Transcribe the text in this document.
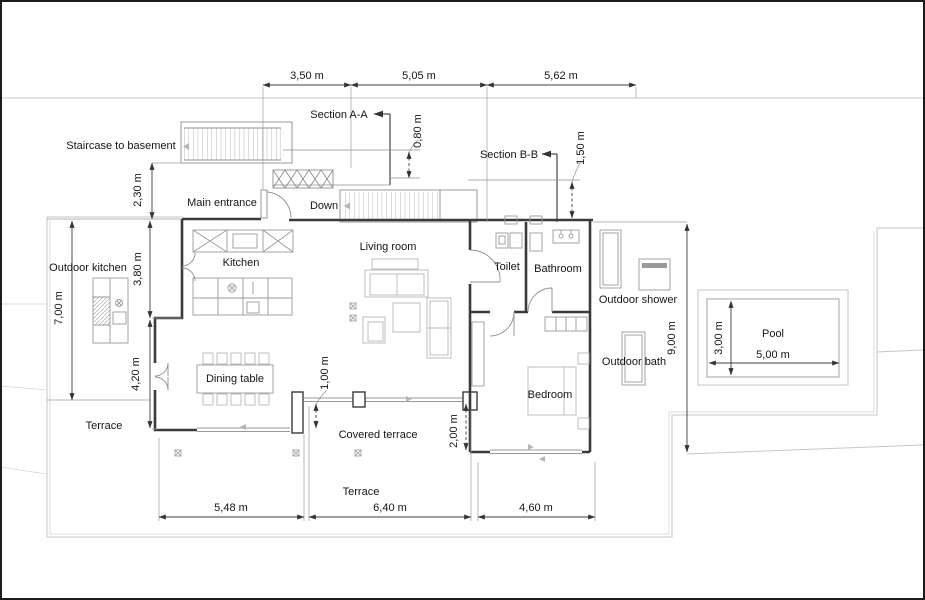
3,50 m	5,05 m	5,62 m
0,80 m
1,50 m
2,30 m
3,80 m
4,20 m
7,00 m
9,00 m
1,00 m
2,00 m
5,48 m	6,40 m	4,60 m
3,00 m
5,00 m
Staircase to basement
Main entrance	Down
Section A-A
Section B-B
Living room
Kitchen
Outdoor kitchen	Toilet Bathroom
Bedroom
Outdoor shower
Outdoor bath
Pool
Dining table
Terrace
Covered terrace
Terrace
